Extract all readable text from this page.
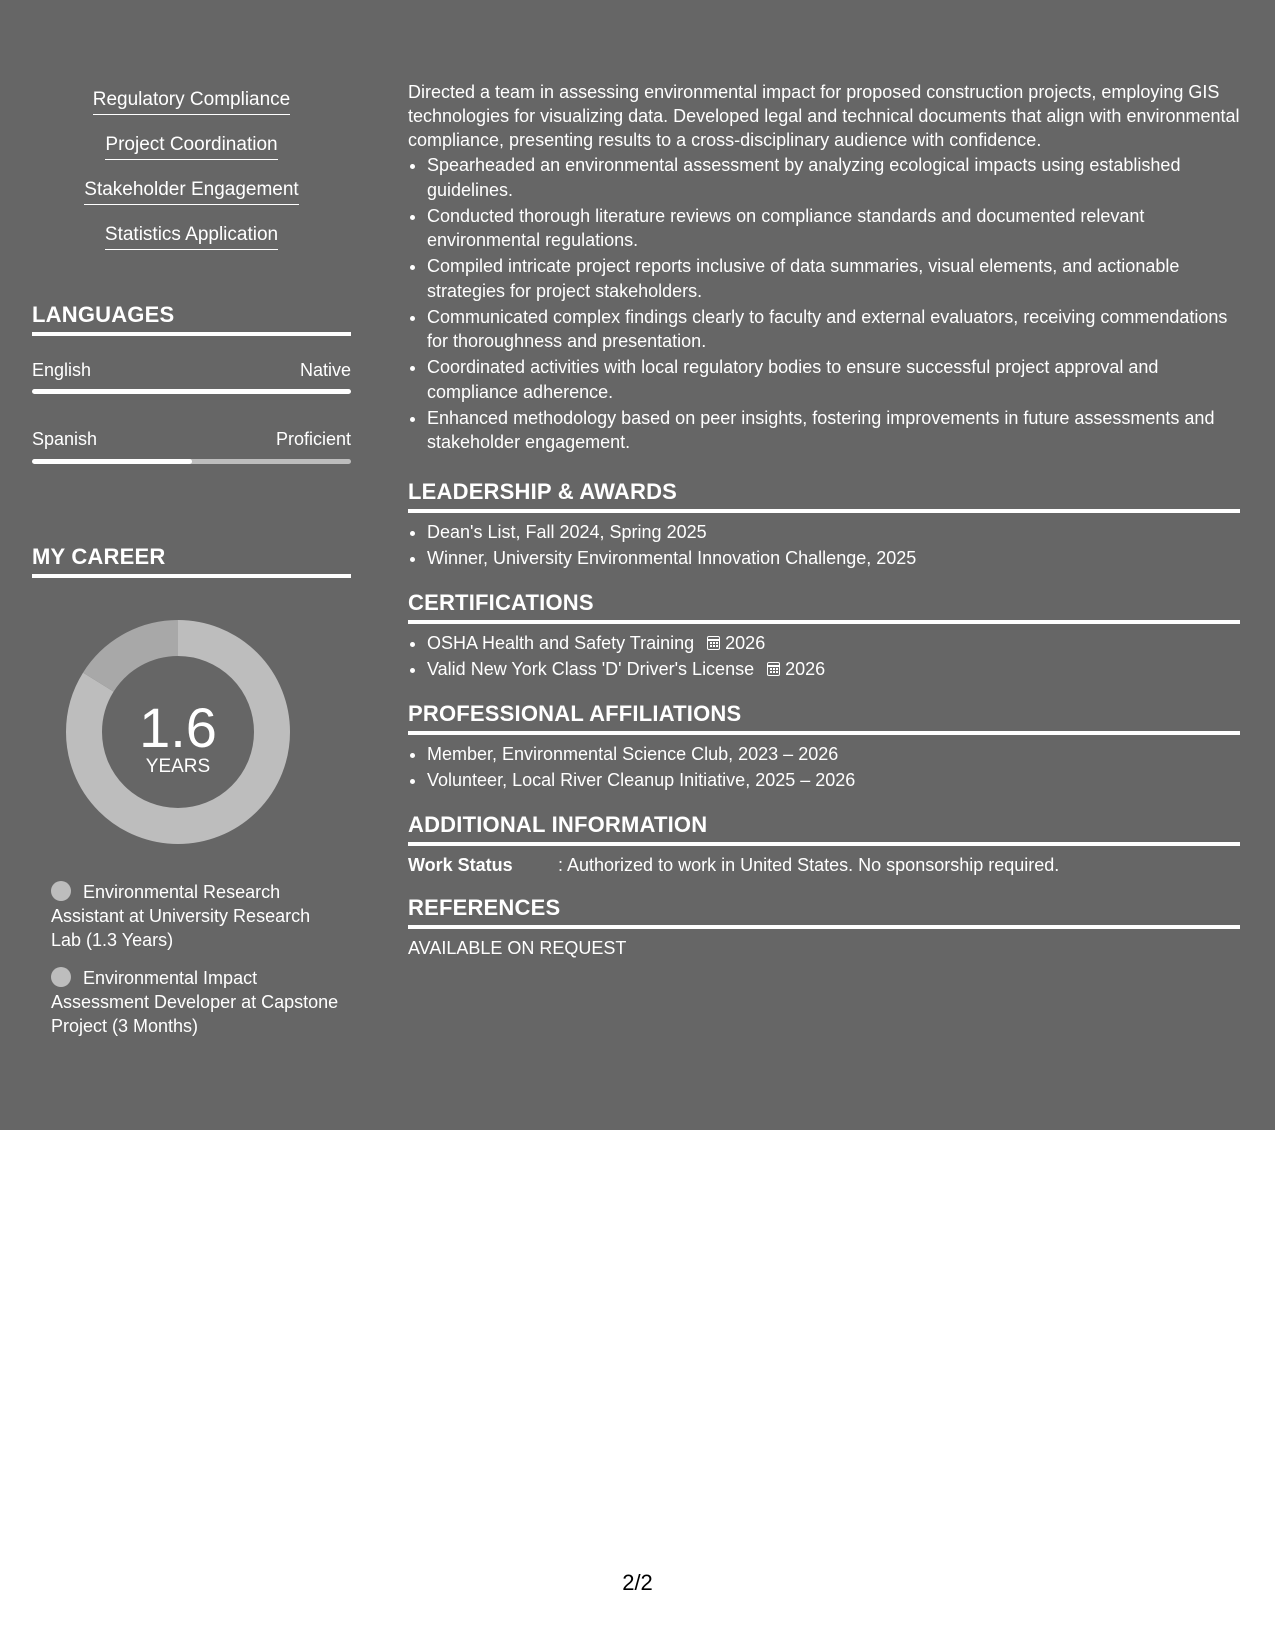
Regulatory Compliance
Project Coordination
Stakeholder Engagement
Statistics Application
LANGUAGES
English	Native
Spanish	Proficient
MY CAREER
1.6
YEARS
Environmental Research Assistant at University Research Lab (1.3 Years)
Environmental Impact Assessment Developer at Capstone Project (3 Months)
Directed a team in assessing environmental impact for proposed construction projects, employing GIS technologies for visualizing data. Developed legal and technical documents that align with environmental compliance, presenting results to a cross-disciplinary audience with confidence.
• Spearheaded an environmental assessment by analyzing ecological impacts using established guidelines.
• Conducted thorough literature reviews on compliance standards and documented relevant environmental regulations.
• Compiled intricate project reports inclusive of data summaries, visual elements, and actionable strategies for project stakeholders.
• Communicated complex findings clearly to faculty and external evaluators, receiving commendations for thoroughness and presentation.
• Coordinated activities with local regulatory bodies to ensure successful project approval and compliance adherence.
• Enhanced methodology based on peer insights, fostering improvements in future assessments and stakeholder engagement.
LEADERSHIP & AWARDS
• Dean's List, Fall 2024, Spring 2025
• Winner, University Environmental Innovation Challenge, 2025
CERTIFICATIONS
• OSHA Health and Safety Training 2026
• Valid New York Class 'D' Driver's License 2026
PROFESSIONAL AFFILIATIONS
• Member, Environmental Science Club, 2023 – 2026
• Volunteer, Local River Cleanup Initiative, 2025 – 2026
ADDITIONAL INFORMATION
Work Status	: Authorized to work in United States. No sponsorship required.
REFERENCES
AVAILABLE ON REQUEST
2/2
